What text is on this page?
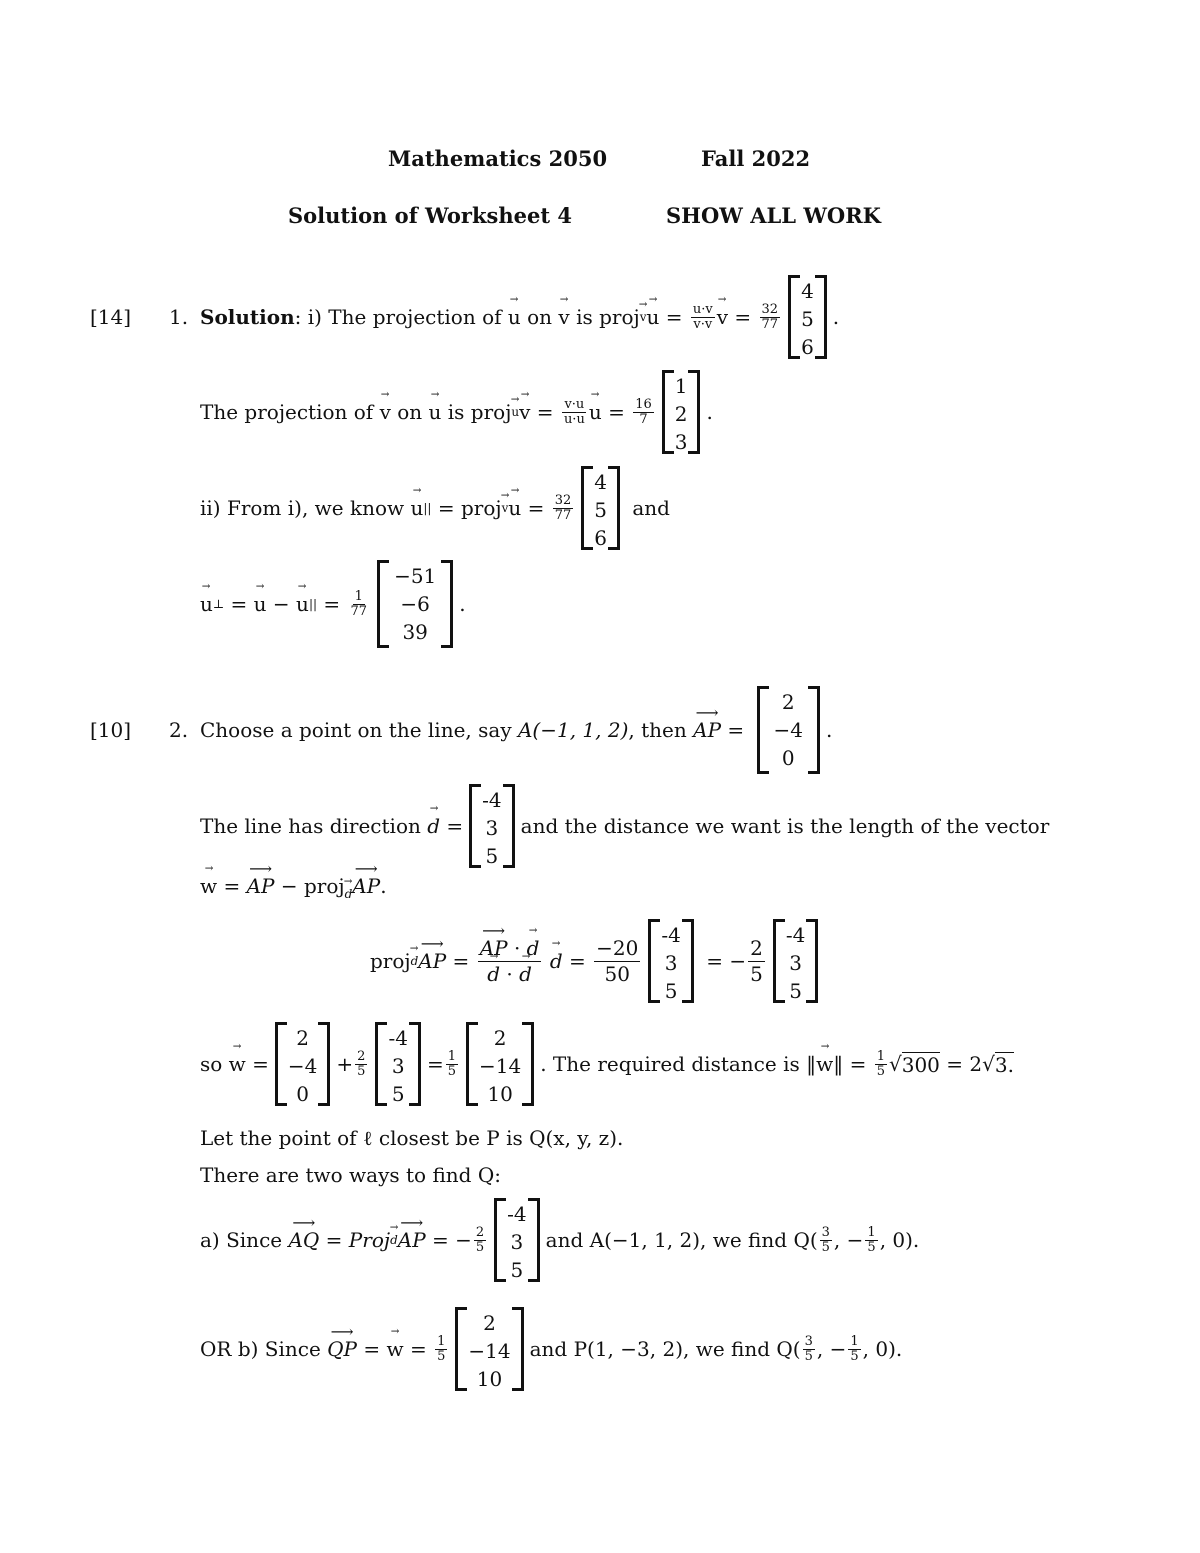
Mathematics 2050	Fall 2022
Solution of Worksheet 4	SHOW ALL WORK
[14] 1. Solution : i) The projection of

→ u
on

→ v
is proj
→ v
→ $u = \frac{u\cdot v}{v\cdot v}$
→ $v = \frac{32}{77}$
4
5
6
.
The projection of

→ v
on

→ u
is proj
→ u
→ $v = \frac{v\cdot u}{u\cdot u}$
→ $u = \frac{16}{7}$
1
2
3
.
ii) From i), we know

→ u || = proj
→ v
→ $u = \frac{32}{77}$
4
5
6

and
→ u ⊥ =
→ u −
→ u || = $\frac{1}{77}$
−51
−6
39
.
[10] 2. Choose a point on the line, say
A(−1, 1, 2) , then

⟶ AP =
2
−4
0
.
The line has direction

→ d =
-4
3
5
and the distance we want is the length of the vector
→ w = ⟶ AP − proj→ $_d$⟶ AP.
proj
→ d
⟶ AP =
⟶ AP · → d
→ d · → d

→ $d = \frac{-20}{50}$
-4
3
5
= − $\frac{2}{5}$
-4
3
5
so

→ w =
2
−4
0
+ $\frac{2}{5}$
-4
3
5
= $\frac{1}{5}$
2
−14
10
. The required distance is ‖
→ w ‖ = $\frac{1}{5}$ √ 300
= 2 √ 3.
Let the point of ℓ closest be P is Q(x, y, z).
There are two ways to find Q:
a) Since

⟶ AQ = Proj
→ d
⟶ AP = − $\frac{2}{5}$
-4
3
5
and A(−1, 1, 2), we find $Q( \frac{3}{5}$ , − $\frac{1}{5}$ , 0).
OR b) Since

⟶ QP =
→ $w = \frac{1}{5}$
2
−14
10
and P(1, −3, 2), we find $Q( \frac{3}{5}$ , − $\frac{1}{5}$ , 0).
